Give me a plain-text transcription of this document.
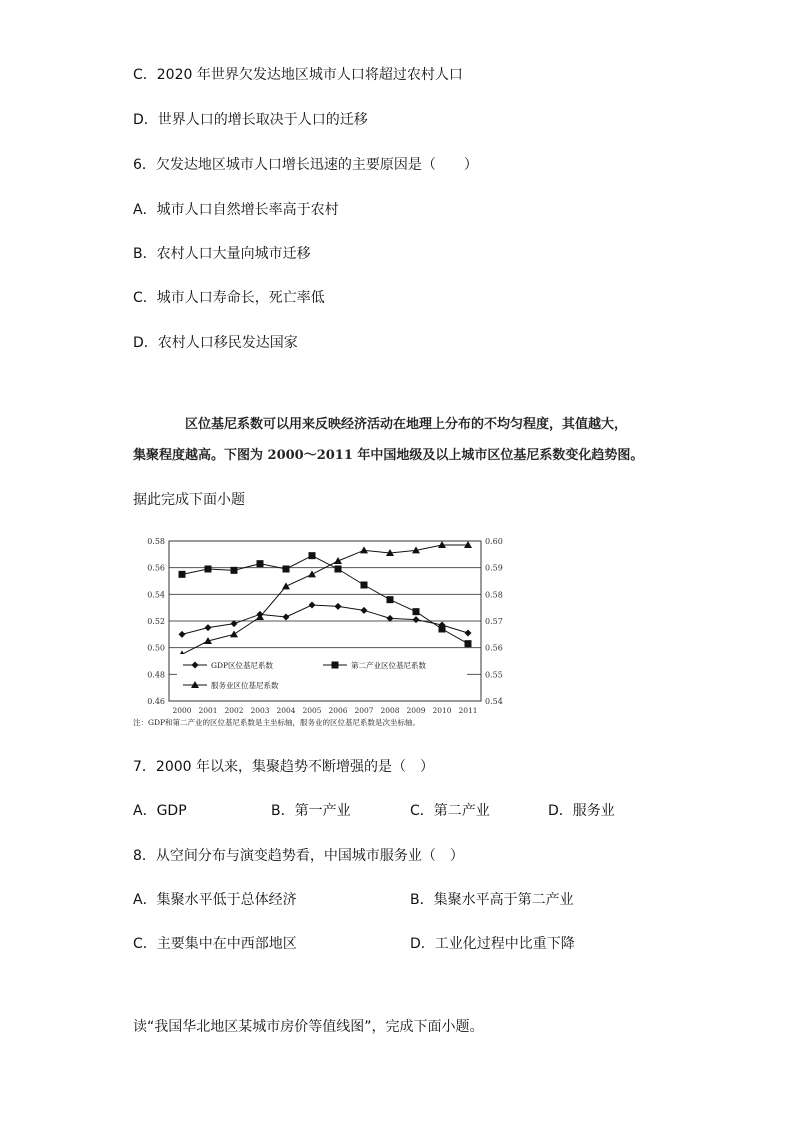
C．2020 年世界欠发达地区城市人口将超过农村人口
D．世界人口的增长取决于人口的迁移
6．欠发达地区城市人口增长迅速的主要原因是（　　）
A．城市人口自然增长率高于农村
B．农村人口大量向城市迁移
C．城市人口寿命长，死亡率低
D．农村人口移民发达国家
区位基尼系数可以用来反映经济活动在地理上分布的不均匀程度，其值越大，
集聚程度越高。下图为 2000～2011 年中国地级及以上城市区位基尼系数变化趋势图。
据此完成下面小题
0.46
0.48
0.50
0.52
0.54
0.56
0.58
0.54
0.55
0.56
0.57
0.58
0.59
0.60
2000 2001 2002 2003 2004 2005 2006 2007 2008 2009 2010 2011
GDP区位基尼系数	第二产业区位基尼系数
服务业区位基尼系数
注：GDP和第二产业的区位基尼系数是主坐标轴，服务业的区位基尼系数是次坐标轴。
7．2000 年以来，集聚趋势不断增强的是（　）
A．GDP	B．第一产业	C．第二产业	D．服务业
8．从空间分布与演变趋势看，中国城市服务业（　）
A．集聚水平低于总体经济	B．集聚水平高于第二产业
C．主要集中在中西部地区	D．工业化过程中比重下降
读“我国华北地区某城市房价等值线图”，完成下面小题。
